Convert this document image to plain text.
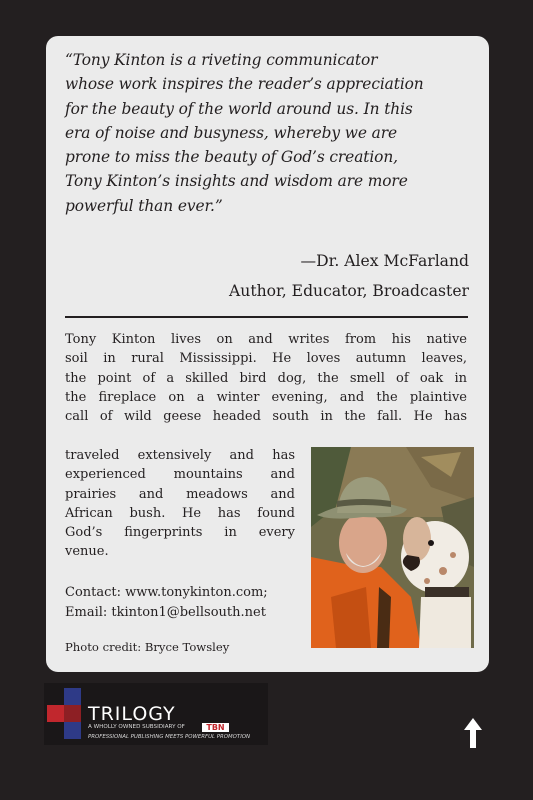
“Tony Kinton is a riveting communicator
whose work inspires the reader’s appreciation
for the beauty of the world around us. In this
era of noise and busyness, whereby we are
prone to miss the beauty of God’s creation,
Tony Kinton’s insights and wisdom are more
powerful than ever.”

—Dr. Alex McFarland
Author, Educator, Broadcaster
Tony Kinton lives on and writes from his native
soil in rural Mississippi. He loves autumn leaves,
the point of a skilled bird dog, the smell of oak in
the fireplace on a winter evening, and the plaintive
call of wild geese headed south in the fall. He has
traveled extensively and has
experienced mountains and
prairies and meadows and
African bush. He has found
God’s fingerprints in every
venue.
Contact: www.tonykinton.com;
Email: tkinton1@bellsouth.net
Photo credit: Bryce Towsley
TRILOGY
A WHOLLY OWNED SUBSIDIARY OF	TBN
PROFESSIONAL PUBLISHING MEETS POWERFUL PROMOTION
